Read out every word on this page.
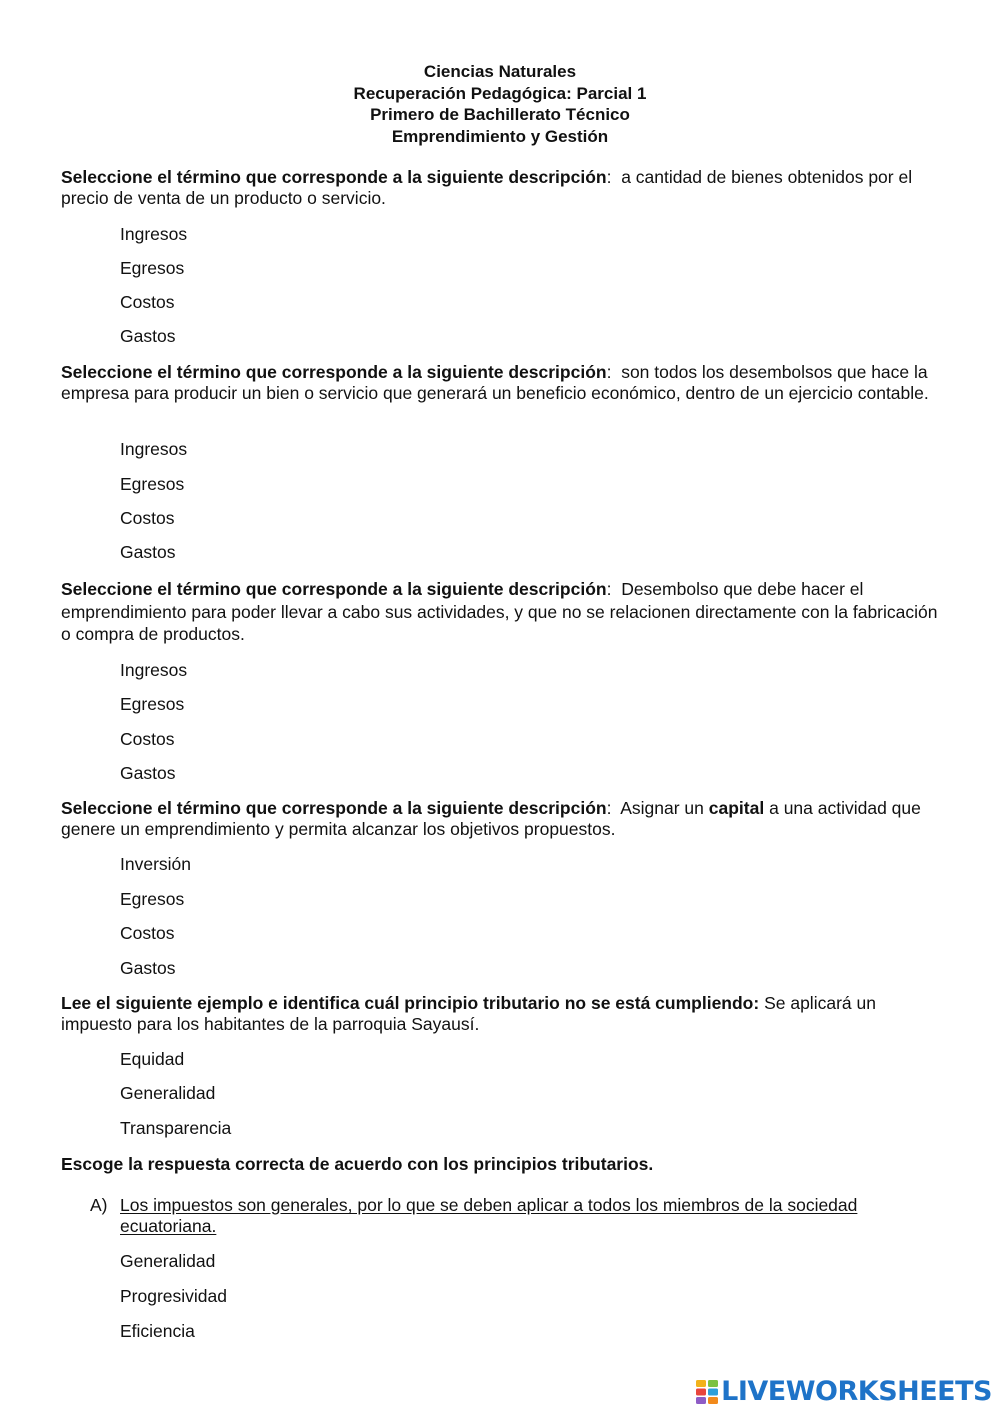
Ciencias Naturales
Recuperación Pedagógica: Parcial 1
Primero de Bachillerato Técnico
Emprendimiento y Gestión
Seleccione el término que corresponde a la siguiente descripción:  a cantidad de bienes obtenidos por el precio de venta de un producto o servicio.
Ingresos
Egresos
Costos
Gastos
Seleccione el término que corresponde a la siguiente descripción:  son todos los desembolsos que hace la empresa para producir un bien o servicio que generará un beneficio económico, dentro de un ejercicio contable.
Ingresos
Egresos
Costos
Gastos
Seleccione el término que corresponde a la siguiente descripción:  Desembolso que debe hacer el emprendimiento para poder llevar a cabo sus actividades, y que no se relacionen directamente con la fabricación o compra de productos.
Ingresos
Egresos
Costos
Gastos
Seleccione el término que corresponde a la siguiente descripción:  Asignar un capital a una actividad que genere un emprendimiento y permita alcanzar los objetivos propuestos.
Inversión
Egresos
Costos
Gastos
Lee el siguiente ejemplo e identifica cuál principio tributario no se está cumpliendo: Se aplicará un impuesto para los habitantes de la parroquia Sayausí.
Equidad
Generalidad
Transparencia
Escoge la respuesta correcta de acuerdo con los principios tributarios.
A) Los impuestos son generales, por lo que se deben aplicar a todos los miembros de la sociedad ecuatoriana.
Generalidad
Progresividad
Eficiencia
LIVEWORKSHEETS
